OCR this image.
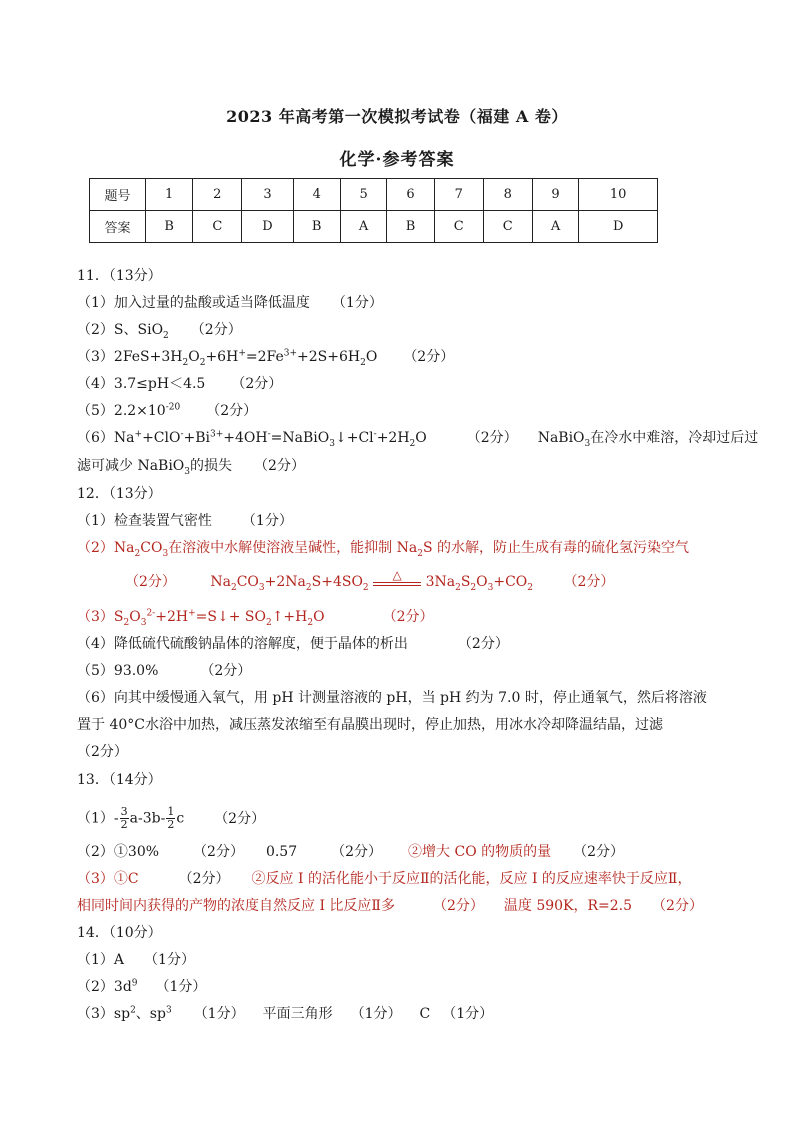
2023 年高考第一次模拟考试卷（福建 A 卷）
化学·参考答案
题号	1	2	3	4	5	6	7	8	9	10
答案	B	C	D	B	A	B	C	C	A	D
11．（13分）
（1）加入过量的盐酸或适当降低温度 （1分）
（2）S、SiO$_2$ （2分）
$(3)2FeS+3H_2O_2+6H^+=2Fe^{3+}+2S+6H_2O$ （2分）
（4）3.7≤pH＜4.5 （2分）
$(5)2.2\times 10^{-20}$ （2分）
$(6)Na^++ClO^-+Bi^{3+}+4OH^-=NaBiO_3↓+Cl^-+2H_2O$	（2分） NaBiO$_3$在冷水中难溶，冷却过后过
滤可减少 NaBiO$_3$的损失 （2分）
12．（13分）
（1）检查装置气密性 （1分）
$(2)Na_2CO_3$在溶液中水解使溶液呈碱性，能抑制 $Na_2S$ 的水解，防止生成有毒的硫化氢污染空气
（2分） $Na_2CO_3+2Na_2S+4SO_2$
△	$3Na_2S_2O_3+CO_2$ （2分）
$(3)S_2O_3^{2-}+2H^+=S↓+$ $SO_2↑+H_2O$	（2分）
（4）降低硫代硫酸钠晶体的溶解度，便于晶体的析出	（2分）
（5）93.0%	（2分）
（6）向其中缓慢通入氧气，用 pH 计测量溶液的 pH，当 pH 约为 7.0 时，停止通氧气，然后将溶液
置于 40°C水浴中加热，减压蒸发浓缩至有晶膜出现时，停止加热，用冰水冷却降温结晶，过滤
（2分）
13．（14分）
$(1)- \frac{3}{2} a-3b- \frac{1}{2}$ c （2分）
（2）①30% （2分） 0.57 （2分） ②增大 CO 的物质的量 （2分）
（3）①C	（2分） ②反应 I 的活化能小于反应Ⅱ的活化能，反应 I 的反应速率快于反应Ⅱ，
相同时间内获得的产物的浓度自然反应 I 比反应Ⅱ多	（2分） 温度 590K，R=2.5 （2分）
14．（10分）
（1）A （1分）
$(2)3d^9$ （1分）
$(3)sp^2$、$sp^3$ （1分） 平面三角形 （1分） C （1分）
